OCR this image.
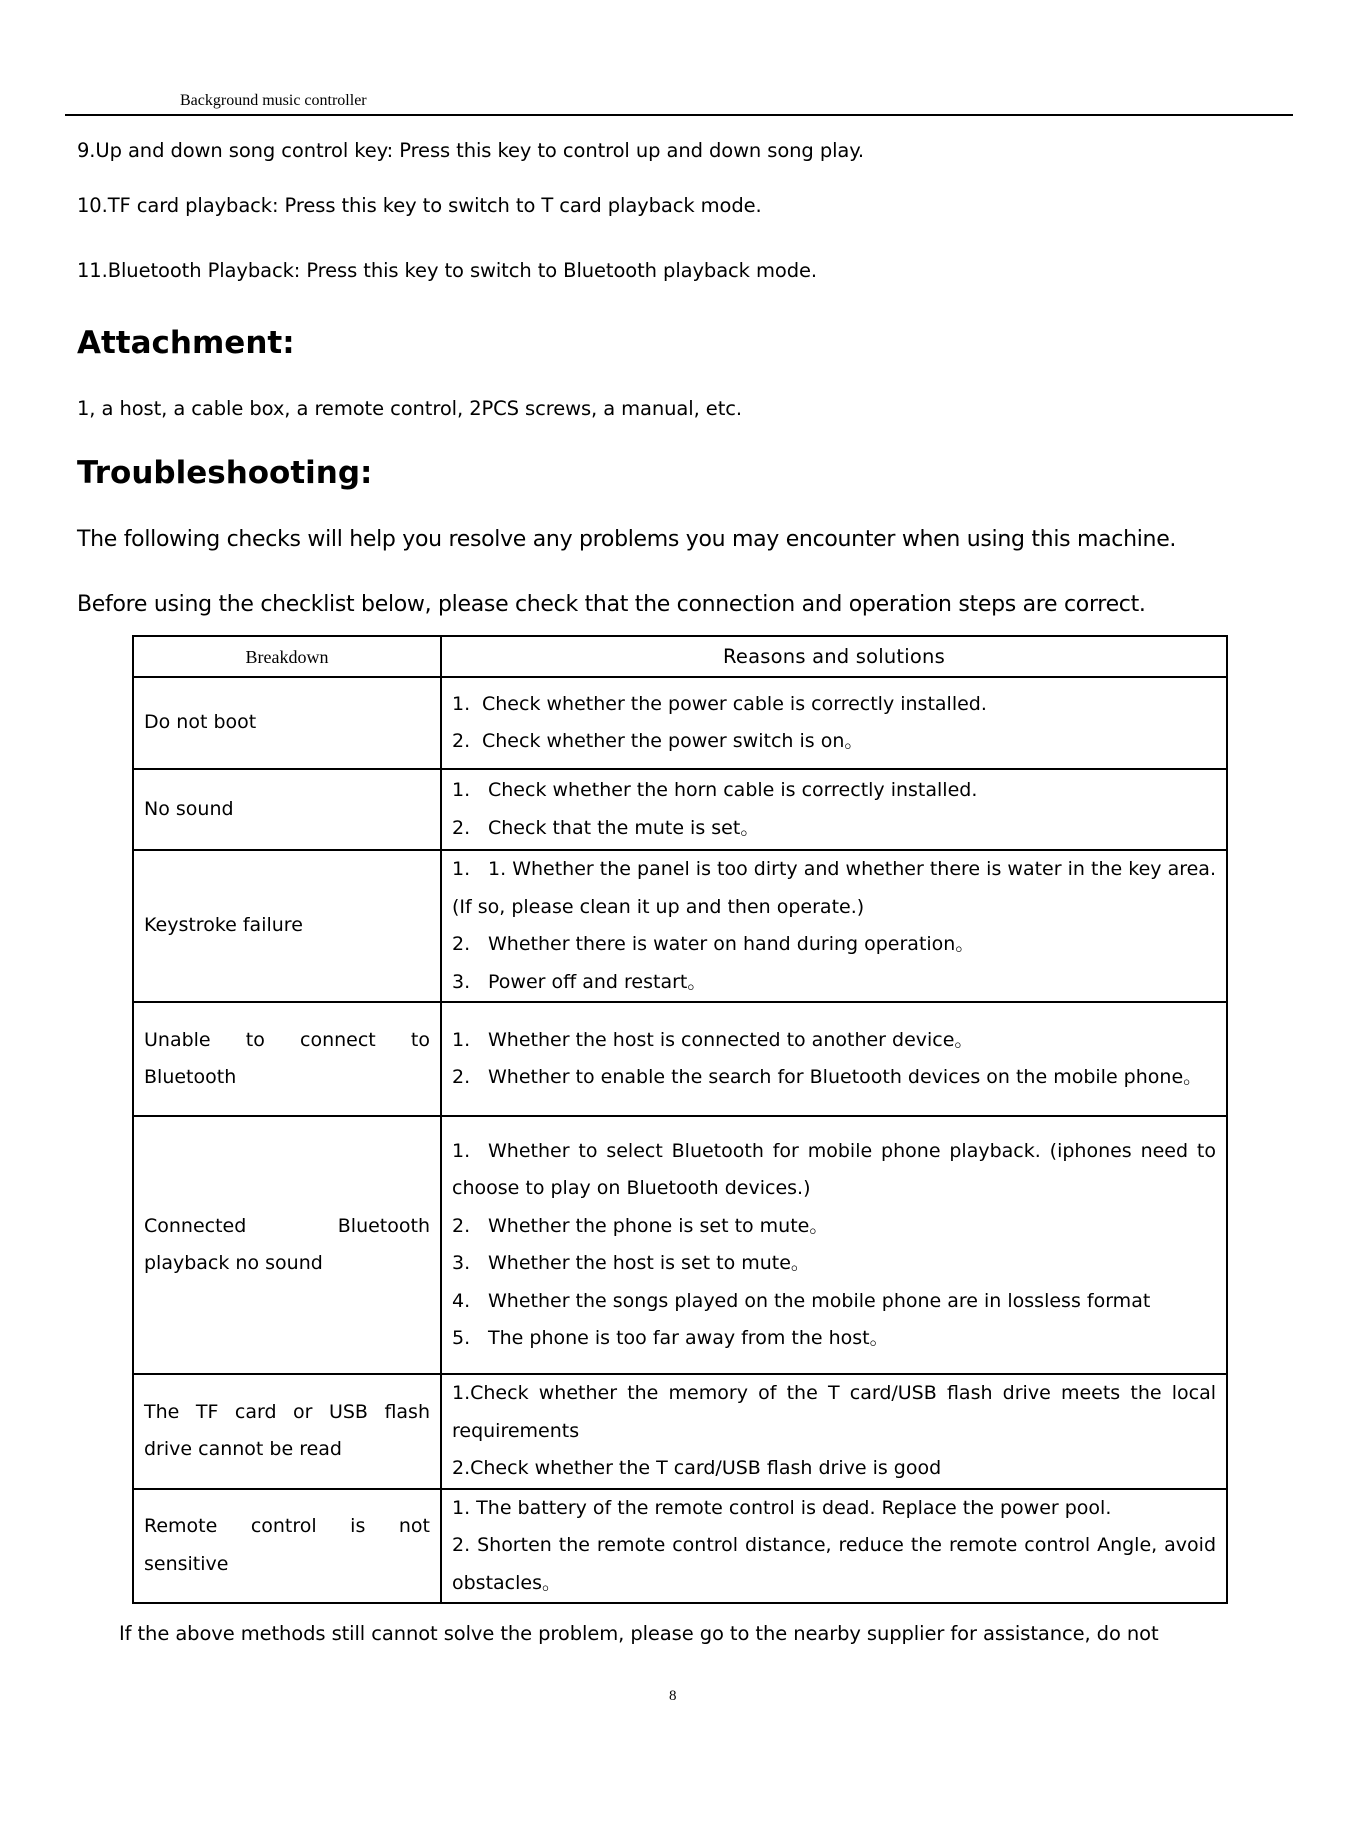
Background music controller
9.Up and down song control key: Press this key to control up and down song play.
10.TF card playback: Press this key to switch to T card playback mode.
11.Bluetooth Playback: Press this key to switch to Bluetooth playback mode.
Attachment:
1, a host, a cable box, a remote control, 2PCS screws, a manual, etc.
Troubleshooting:
The following checks will help you resolve any problems you may encounter when using this machine.
Before using the checklist below, please check that the connection and operation steps are correct.
Breakdown	Reasons and solutions
Do not boot	1. Check whether the power cable is correctly installed.
2. Check whether the power switch is on。

No sound	1. Check whether the horn cable is correctly installed.
2. Check that the mute is set。

Keystroke failure	1. 1. Whether the panel is too dirty and whether there is water in the key area. (If so, please clean it up and then operate.)
2. Whether there is water on hand during operation。
3. Power off and restart。

Unable to connect to Bluetooth	1. Whether the host is connected to another device。
2. Whether to enable the search for Bluetooth devices on the mobile phone。

Connected Bluetooth playback no sound	1. Whether to select Bluetooth for mobile phone playback. (iphones need to choose to play on Bluetooth devices.)
2. Whether the phone is set to mute。
3. Whether the host is set to mute。
4. Whether the songs played on the mobile phone are in lossless format
5. The phone is too far away from the host。

The TF card or USB flash drive cannot be read	1.Check whether the memory of the T card/USB flash drive meets the local requirements
2.Check whether the T card/USB flash drive is good

Remote control is not sensitive	1. The battery of the remote control is dead. Replace the power pool.
2. Shorten the remote control distance, reduce the remote control Angle, avoid obstacles。
If the above methods still cannot solve the problem, please go to the nearby supplier for assistance, do not
8
